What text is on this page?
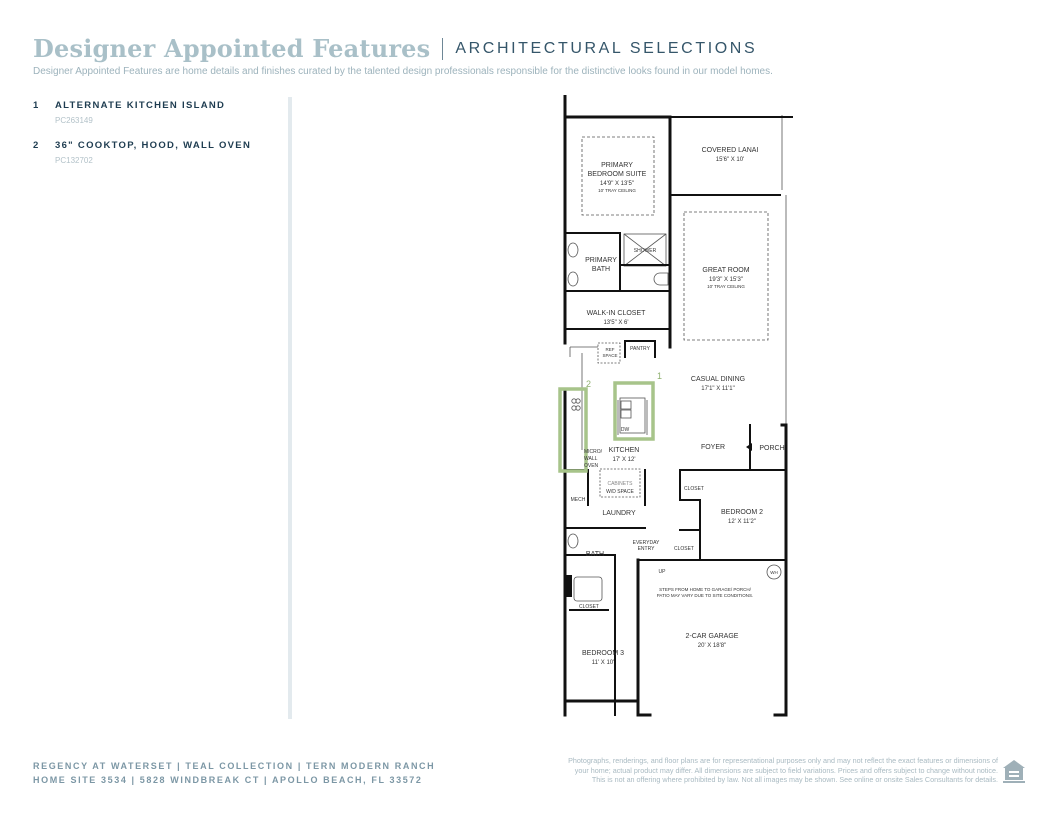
Designer Appointed Features ARCHITECTURAL SELECTIONS
Designer Appointed Features are home details and finishes curated by the talented design professionals responsible for the distinctive looks found in our model homes.
1	ALTERNATE KITCHEN ISLAND
PC263149
2	36" COOKTOP, HOOD, WALL OVEN
PC132702
1
2
COVERED LANAI
15'6" X 10'
PRIMARY
BEDROOM SUITE
14'9" X 13'5"
10' TRAY CEILING
SHOWER
PRIMARY
BATH	GREAT ROOM
19'3" X 15'3"
10' TRAY CEILING
WALK-IN CLOSET
13'5" X 6'
REF
SPACE
PANTRY
CASUAL DINING
17'1" X 11'1"
DW
KITCHEN
17' X 12'
FOYER	PORCH
CABINETS
W/D SPACE	CLOSET
MECH
LAUNDRY	BEDROOM 2
12' X 11'2"
EVERYDAY
ENTRY	CLOSET
BATH
UP	WH
STEPS FROM HOME TO GARAGE/ PORCH/
PATIO MAY VARY DUE TO SITE CONDITIONS.
CLOSET
2-CAR GARAGE
20' X 18'8"
BEDROOM 3
11' X 10'
MICRO/
WALL
OVEN
REGENCY AT WATERSET | TEAL COLLECTION | TERN MODERN RANCH
HOME SITE 3534 | 5828 WINDBREAK CT | APOLLO BEACH, FL 33572
Photographs, renderings, and floor plans are for representational purposes only and may not reflect the exact features or dimensions of
your home; actual product may differ. All dimensions are subject to field variations. Prices and offers subject to change without notice.
This is not an offering where prohibited by law. Not all images may be shown. See online or onsite Sales Consultants for details.
